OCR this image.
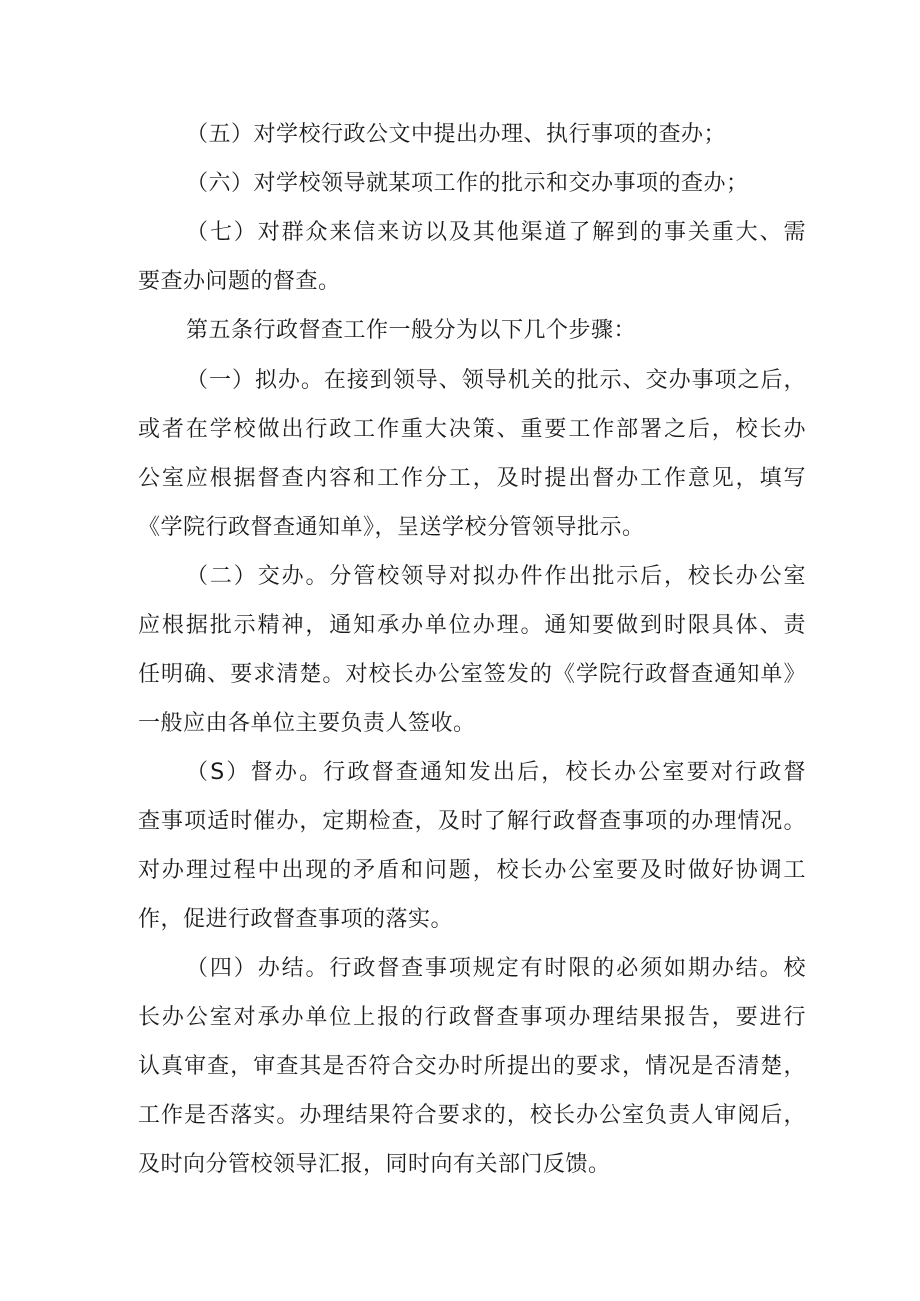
（五）对学校行政公文中提出办理、执行事项的查办；
（六）对学校领导就某项工作的批示和交办事项的查办；
（七）对群众来信来访以及其他渠道了解到的事关重大、需
要查办问题的督查。
第五条行政督查工作一般分为以下几个步骤：
（一）拟办。在接到领导、领导机关的批示、交办事项之后，
或者在学校做出行政工作重大决策、重要工作部署之后，校长办
公室应根据督查内容和工作分工，及时提出督办工作意见，填写
《学院行政督查通知单》，呈送学校分管领导批示。
（二）交办。分管校领导对拟办件作出批示后，校长办公室
应根据批示精神，通知承办单位办理。通知要做到时限具体、责
任明确、要求清楚。对校长办公室签发的《学院行政督查通知单》
一般应由各单位主要负责人签收。
（S）督办。行政督查通知发出后，校长办公室要对行政督
查事项适时催办，定期检查，及时了解行政督查事项的办理情况。
对办理过程中出现的矛盾和问题，校长办公室要及时做好协调工
作，促进行政督查事项的落实。
（四）办结。行政督查事项规定有时限的必须如期办结。校
长办公室对承办单位上报的行政督查事项办理结果报告，要进行
认真审查，审查其是否符合交办时所提出的要求，情况是否清楚，
工作是否落实。办理结果符合要求的，校长办公室负责人审阅后，
及时向分管校领导汇报，同时向有关部门反馈。
